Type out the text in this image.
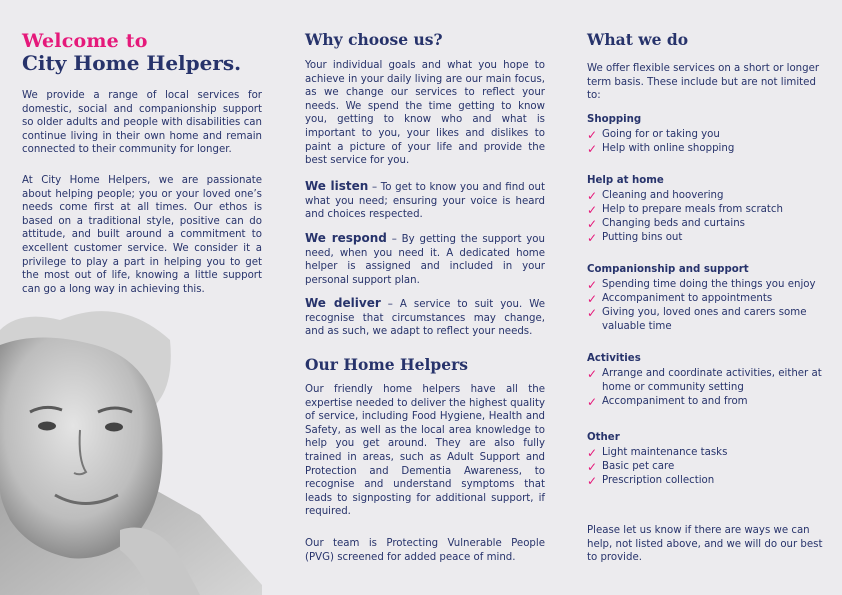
Welcome to
City Home Helpers.

We provide a range of local services for domestic, social and companionship support so older adults and people with disabilities can continue living in their own home and remain connected to their community for longer.

At City Home Helpers, we are passionate about helping people; you or your loved one’s needs come first at all times. Our ethos is based on a traditional style, positive can do attitude, and built around a commitment to excellent customer service. We consider it a privilege to play a part in helping you to get the most out of life, knowing a little support can go a long way in achieving this.

Why choose us?

Your individual goals and what you hope to achieve in your daily living are our main focus, as we change our services to reflect your needs. We spend the time getting to know you, getting to know who and what is important to you, your likes and dislikes to paint a picture of your life and provide the best service for you.

We listen – To get to know you and find out what you need; ensuring your voice is heard and choices respected.

We respond – By getting the support you need, when you need it. A dedicated home helper is assigned and included in your personal support plan.

We deliver – A service to suit you. We recognise that circumstances may change, and as such, we adapt to reflect your needs.

Our Home Helpers

Our friendly home helpers have all the expertise needed to deliver the highest quality of service, including Food Hygiene, Health and Safety, as well as the local area knowledge to help you get around. They are also fully trained in areas, such as Adult Support and Protection and Dementia Awareness, to recognise and understand symptoms that leads to signposting for additional support, if required.

Our team is Protecting Vulnerable People (PVG) screened for added peace of mind.

What we do

We offer flexible services on a short or longer term basis. These include but are not limited to:

Shopping
✓ Going for or taking you
✓ Help with online shopping
Help at home
✓ Cleaning and hoovering
✓ Help to prepare meals from scratch
✓ Changing beds and curtains
✓ Putting bins out
Companionship and support
✓ Spending time doing the things you enjoy
✓ Accompaniment to appointments
✓ Giving you, loved ones and carers some valuable time
Activities
✓ Arrange and coordinate activities, either at home or community setting
✓ Accompaniment to and from
Other
✓ Light maintenance tasks
✓ Basic pet care
✓ Prescription collection

Please let us know if there are ways we can help, not listed above, and we will do our best to provide.
